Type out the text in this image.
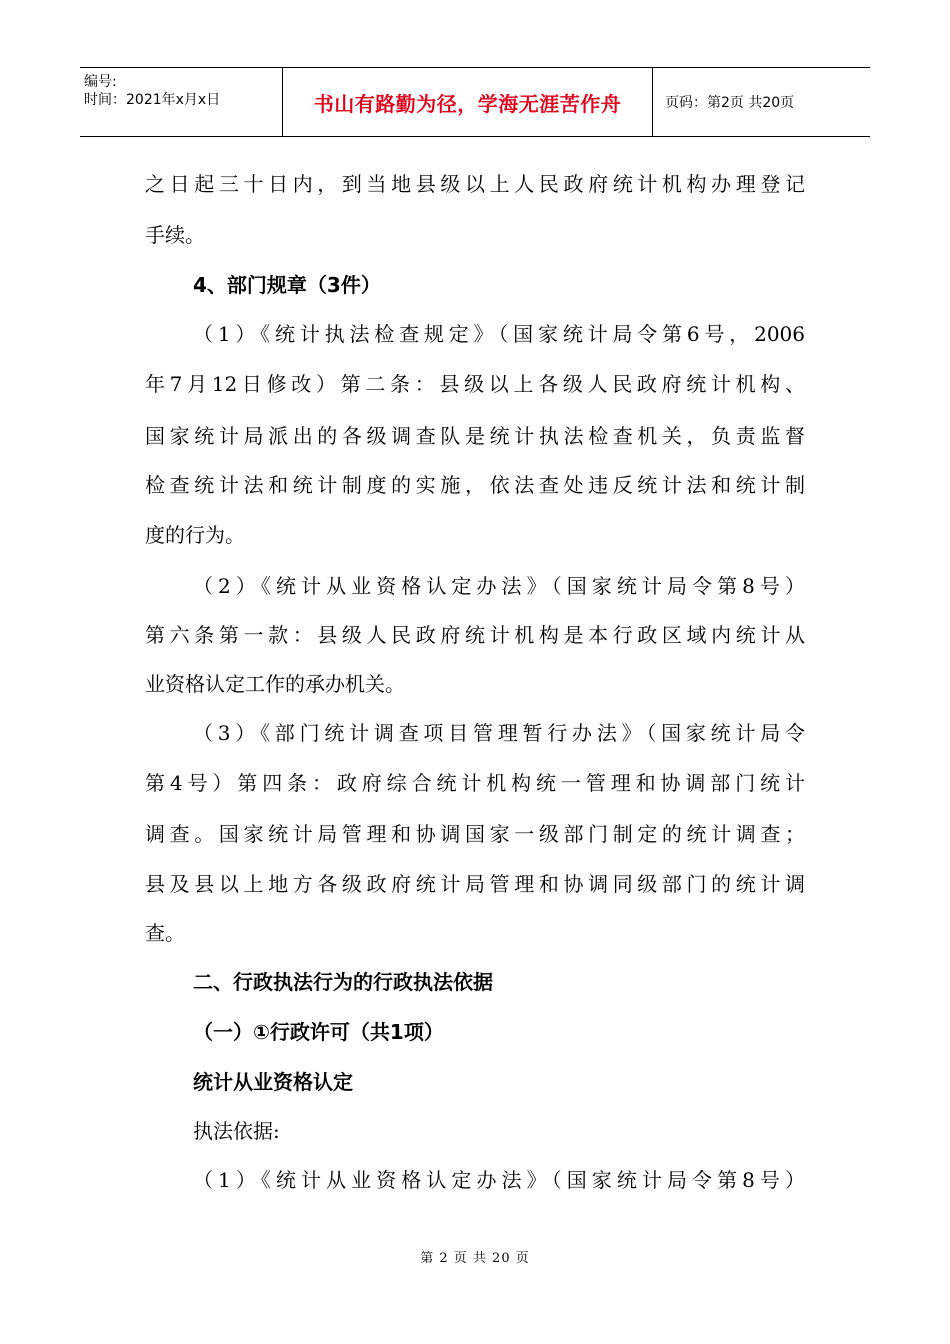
编号:
时间：2021年x月x日	书山有路勤为径，学海无涯苦作舟	页码：第2页 共20页
之日起三十日内，到当地县级以上人民政府统计机构办理登记
手续。
4、部门规章（3件）
（1）《统计执法检查规定》（国家统计局令第6号，2006
年7月12日修改）第二条：县级以上各级人民政府统计机构、
国家统计局派出的各级调查队是统计执法检查机关，负责监督
检查统计法和统计制度的实施，依法查处违反统计法和统计制
度的行为。
（2）《统计从业资格认定办法》（国家统计局令第8号）
第六条第一款：县级人民政府统计机构是本行政区域内统计从
业资格认定工作的承办机关。
（3）《部门统计调查项目管理暂行办法》（国家统计局令
第4号）第四条：政府综合统计机构统一管理和协调部门统计
调查。国家统计局管理和协调国家一级部门制定的统计调查；
县及县以上地方各级政府统计局管理和协调同级部门的统计调
查。
二、行政执法行为的行政执法依据
（一）①行政许可（共1项）
统计从业资格认定
执法依据:
（1）《统计从业资格认定办法》（国家统计局令第8号）
第 2 页 共 20 页
